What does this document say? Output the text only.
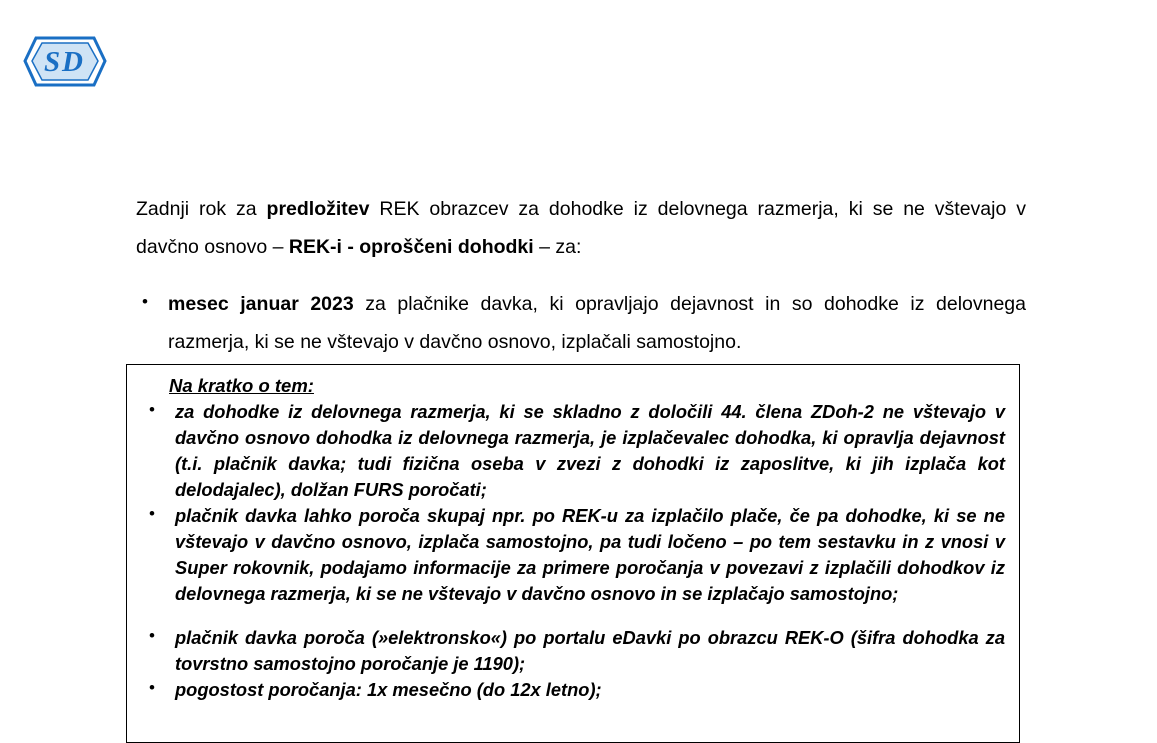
S D

Zadnji rok za predložitev REK obrazcev za dohodke iz delovnega razmerja, ki se ne vštevajo v davčno osnovo – REK-i - oproščeni dohodki – za:

• mesec januar 2023 za plačnike davka, ki opravljajo dejavnost in so dohodke iz delovnega razmerja, ki se ne vštevajo v davčno osnovo, izplačali samostojno.
Na kratko o tem:
• za dohodke iz delovnega razmerja, ki se skladno z določili 44. člena ZDoh-2 ne vštevajo v davčno osnovo dohodka iz delovnega razmerja, je izplačevalec dohodka, ki opravlja dejavnost (t.i. plačnik davka; tudi fizična oseba v zvezi z dohodki iz zaposlitve, ki jih izplača kot delodajalec), dolžan FURS poročati;
• plačnik davka lahko poroča skupaj npr. po REK-u za izplačilo plače, če pa dohodke, ki se ne vštevajo v davčno osnovo, izplača samostojno, pa tudi ločeno – po tem sestavku in z vnosi v Super rokovnik, podajamo informacije za primere poročanja v povezavi z izplačili dohodkov iz delovnega razmerja, ki se ne vštevajo v davčno osnovo in se izplačajo samostojno;
• plačnik davka poroča (»elektronsko«) po portalu eDavki po obrazcu REK-O (šifra dohodka za tovrstno samostojno poročanje je 1190);
• pogostost poročanja: 1x mesečno (do 12x letno);
